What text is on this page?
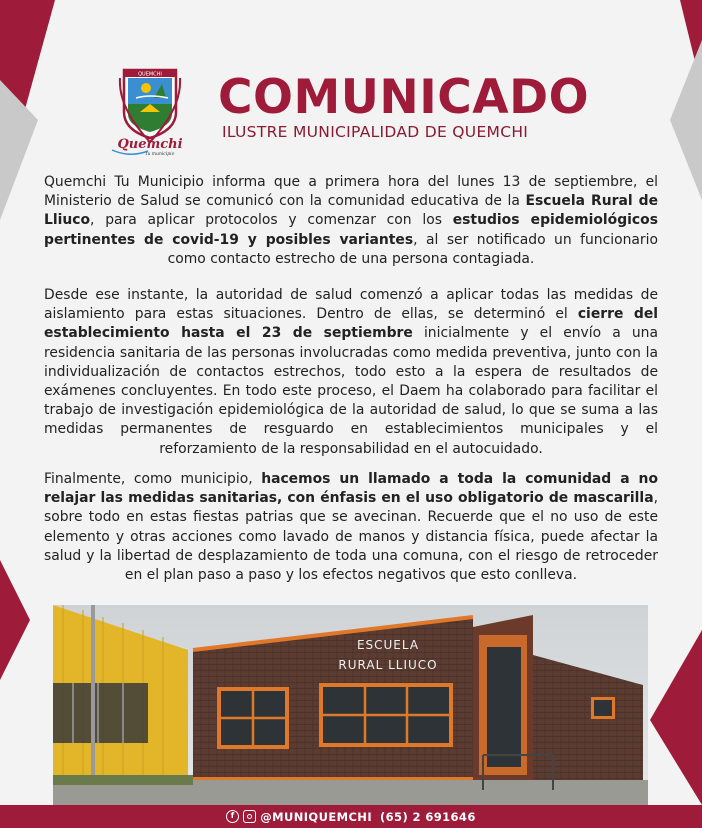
QUEMCHI
Quemchi
tu municipio
COMUNICADO
ILUSTRE MUNICIPALIDAD DE QUEMCHI
Quemchi Tu Municipio informa que a primera hora del lunes 13 de septiembre, el Ministerio de Salud se comunicó con la comunidad educativa de la Escuela Rural de Lliuco, para aplicar protocolos y comenzar con los estudios epidemiológicos pertinentes de covid-19 y posibles variantes, al ser notificado un funcionario como contacto estrecho de una persona contagiada.
Desde ese instante, la autoridad de salud comenzó a aplicar todas las medidas de aislamiento para estas situaciones. Dentro de ellas, se determinó el cierre del establecimiento hasta el 23 de septiembre inicialmente y el envío a una residencia sanitaria de las personas involucradas como medida preventiva, junto con la individualización de contactos estrechos, todo esto a la espera de resultados de exámenes concluyentes. En todo este proceso, el Daem ha colaborado para facilitar el trabajo de investigación epidemiológica de la autoridad de salud, lo que se suma a las medidas permanentes de resguardo en establecimientos municipales y el reforzamiento de la responsabilidad en el autocuidado.
Finalmente, como municipio, hacemos un llamado a toda la comunidad a no relajar las medidas sanitarias, con énfasis en el uso obligatorio de mascarilla, sobre todo en estas fiestas patrias que se avecinan. Recuerde que el no uso de este elemento y otras acciones como lavado de manos y distancia física, puede afectar la salud y la libertad de desplazamiento de toda una comuna, con el riesgo de retroceder en el plan paso a paso y los efectos negativos que esto conlleva.
ESCUELA
RURAL LLIUCO
f	@MUNIQUEMCHI (65) 2 691646
